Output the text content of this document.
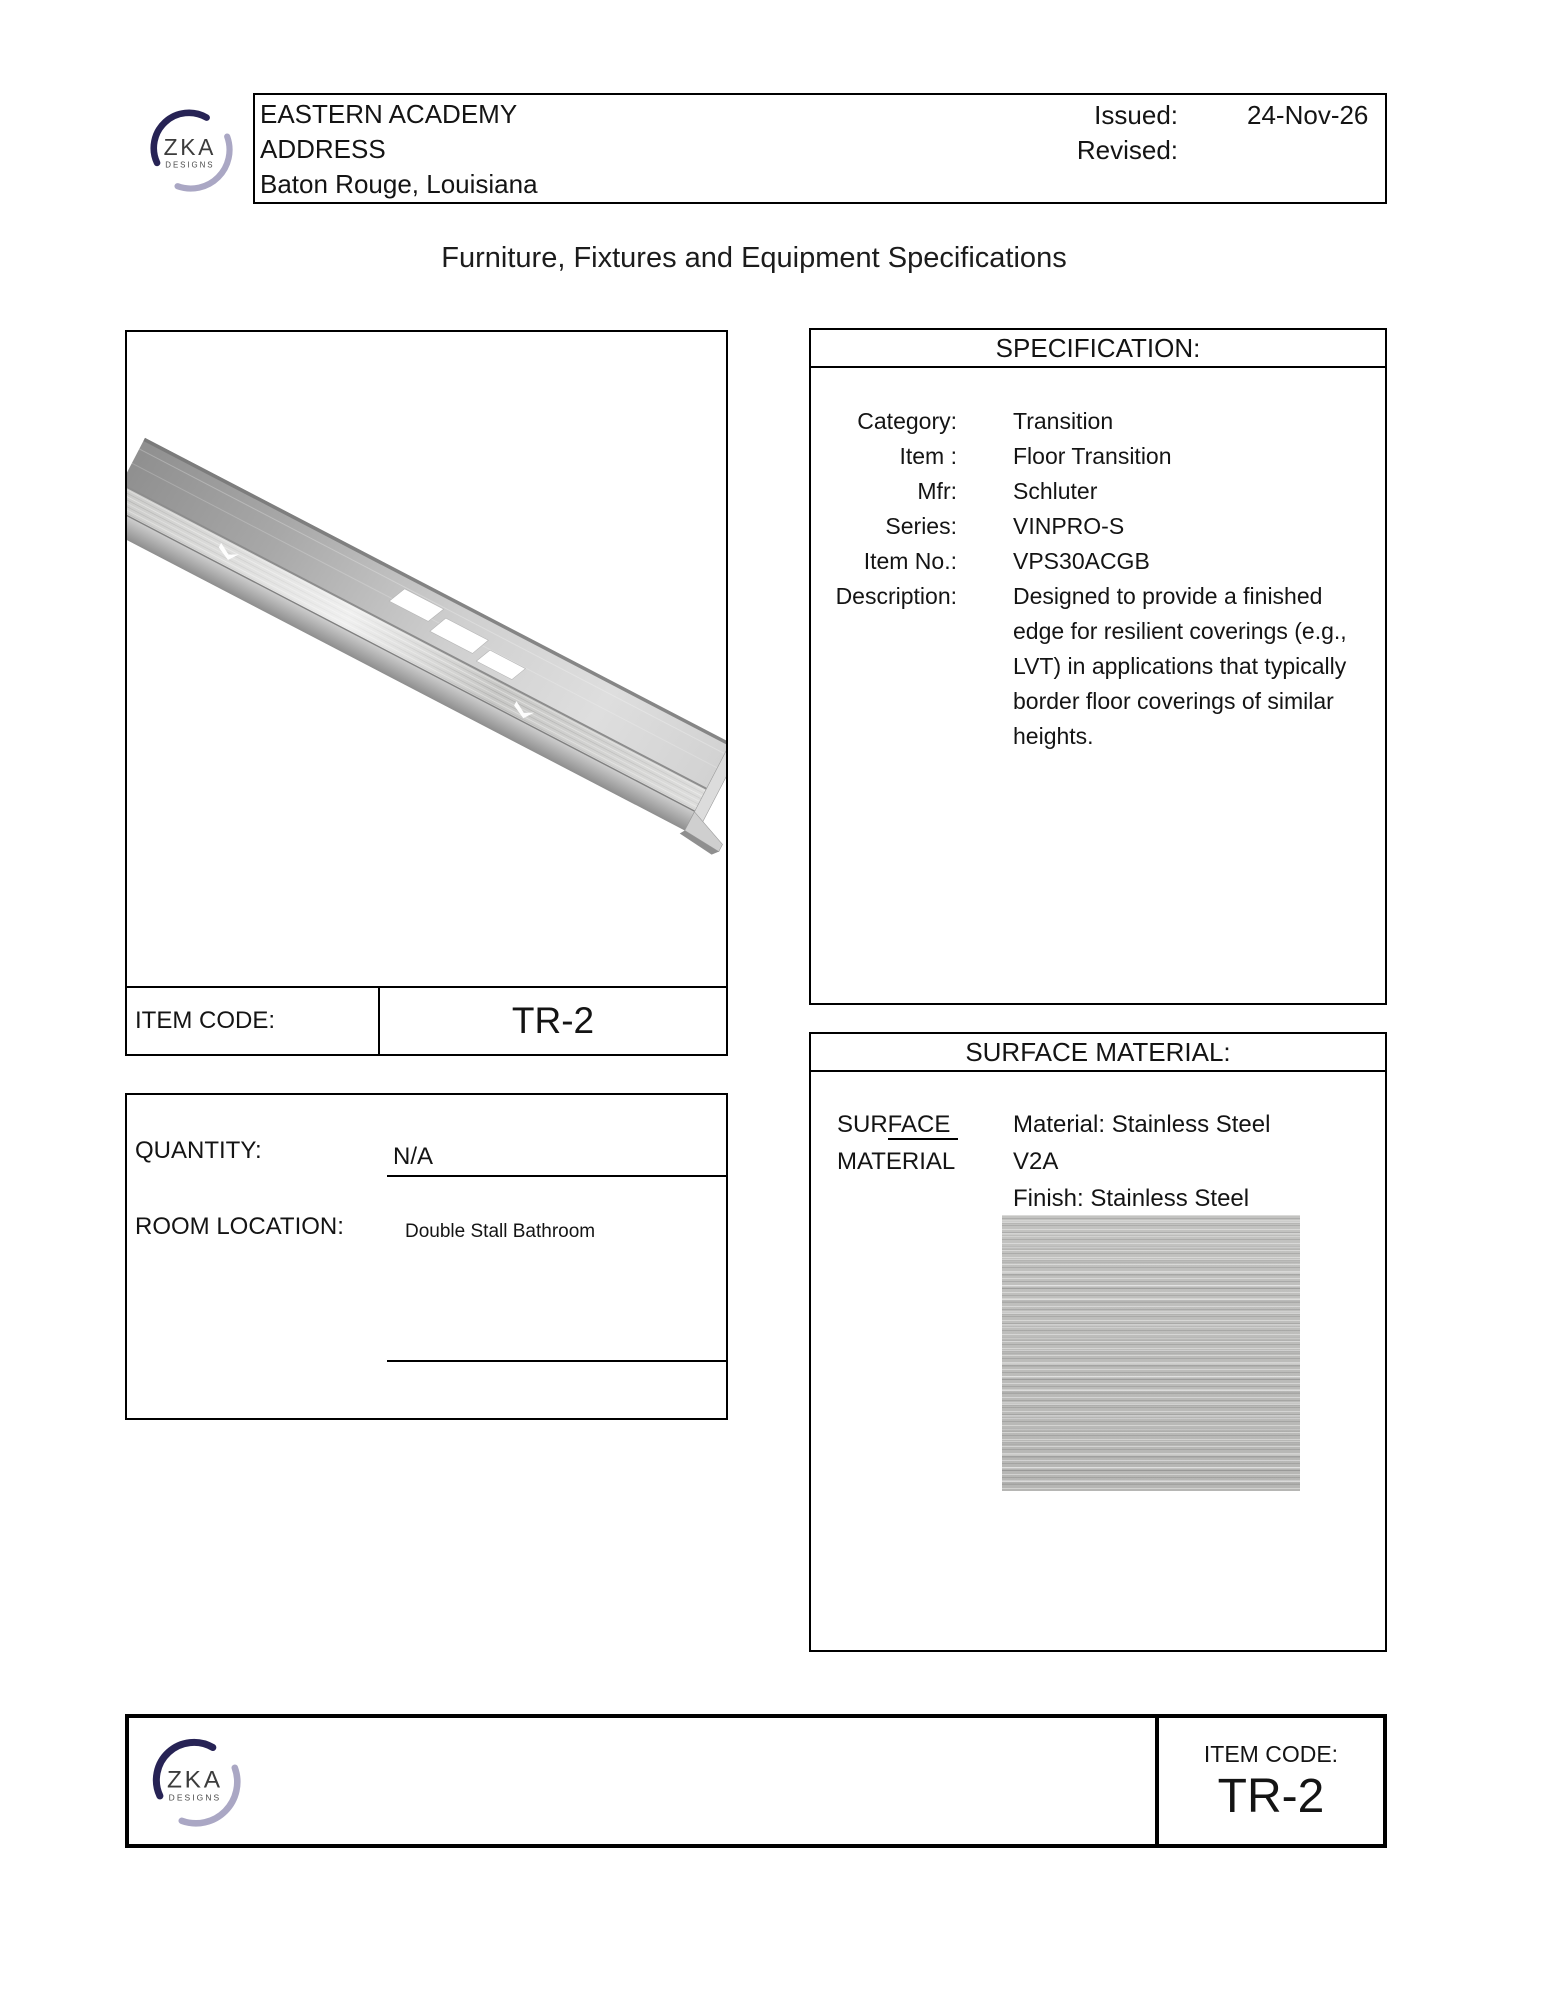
ZKA
DESIGNS
EASTERN ACADEMY
ADDRESS
Baton Rouge, Louisiana
Issued:
Revised:
24-Nov-26
Furniture, Fixtures and Equipment Specifications
ITEM CODE:	TR-2
SPECIFICATION:
Category: Transition
Item : Floor Transition
Mfr: Schluter
Series: VINPRO-S
Item No.: VPS30ACGB
Description: Designed to provide a finished edge for resilient coverings (e.g., LVT) in applications that typically border floor coverings of similar heights.
QUANTITY:	N/A
ROOM LOCATION:	Double Stall Bathroom
SURFACE MATERIAL:
SURFACE
MATERIAL
Material: Stainless Steel
V2A
Finish: Stainless Steel
ZKA
DESIGNS
ITEM CODE:
TR-2
